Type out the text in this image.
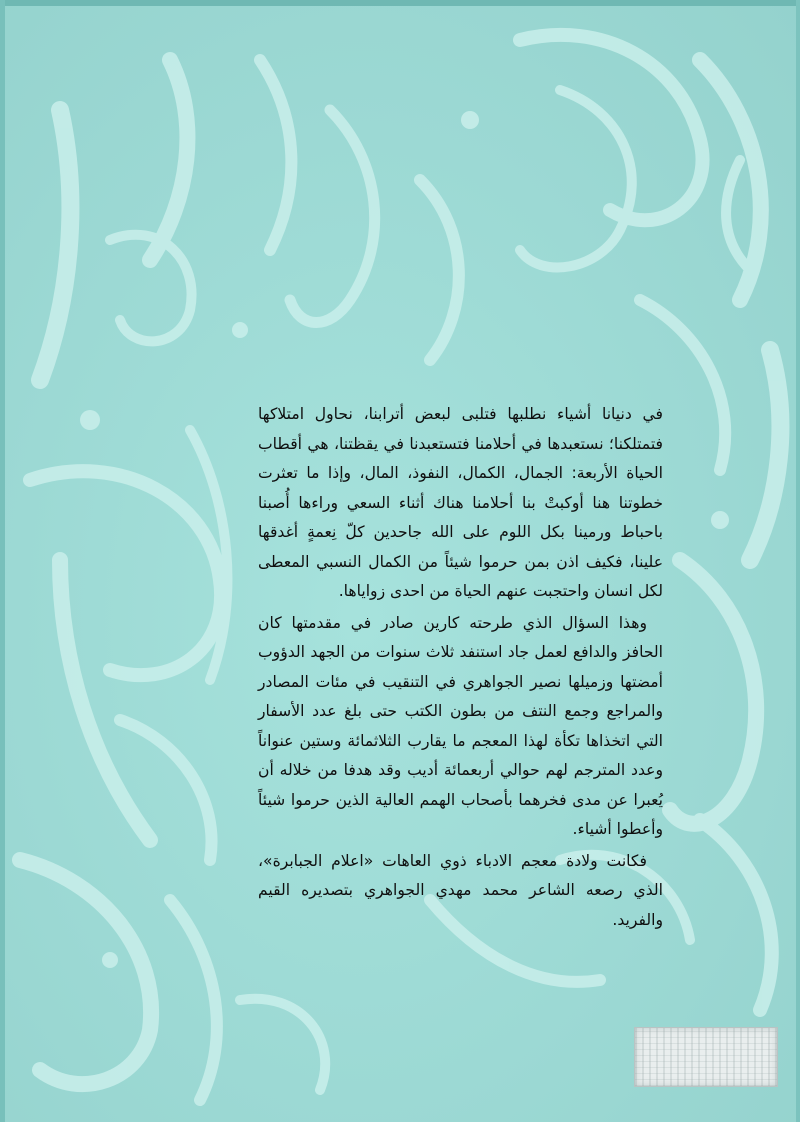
في دنيانا أشياء نطلبها فتلبى لبعض أترابنا، نحاول امتلاكها فتمتلكنا؛ نستعبدها في أحلامنا فتستعبدنا في يقظتنا، هي أقطاب الحياة الأربعة: الجمال، الكمال، النفوذ، المال، وإذا ما تعثرت خطوتنا هنا أوكبتْ بنا أحلامنا هناك أثناء السعي وراءها أُصبنا باحباط ورمينا بكل اللوم على الله جاحدين كلّ نِعمةٍ أغدقها علينا، فكيف اذن بمن حرموا شيئاً من الكمال النسبي المعطى لكل انسان واحتجبت عنهم الحياة من احدى زواياها.

وهذا السؤال الذي طرحته كارين صادر في مقدمتها كان الحافز والدافع لعمل جاد استنفد ثلاث سنوات من الجهد الدؤوب أمضتها وزميلها نصير الجواهري في التنقيب في مئات المصادر والمراجع وجمع النتف من بطون الكتب حتى بلغ عدد الأسفار التي اتخذاها تكأة لهذا المعجم ما يقارب الثلاثمائة وستين عنواناً وعدد المترجم لهم حوالي أربعمائة أديب وقد هدفا من خلاله أن يُعبرا عن مدى فخرهما بأصحاب الهمم العالية الذين حرموا شيئاً وأعطوا أشياء.

فكانت ولادة معجم الادباء ذوي العاهات «اعلام الجبابرة»، الذي رصعه الشاعر محمد مهدي الجواهري بتصديره القيم والفريد.
